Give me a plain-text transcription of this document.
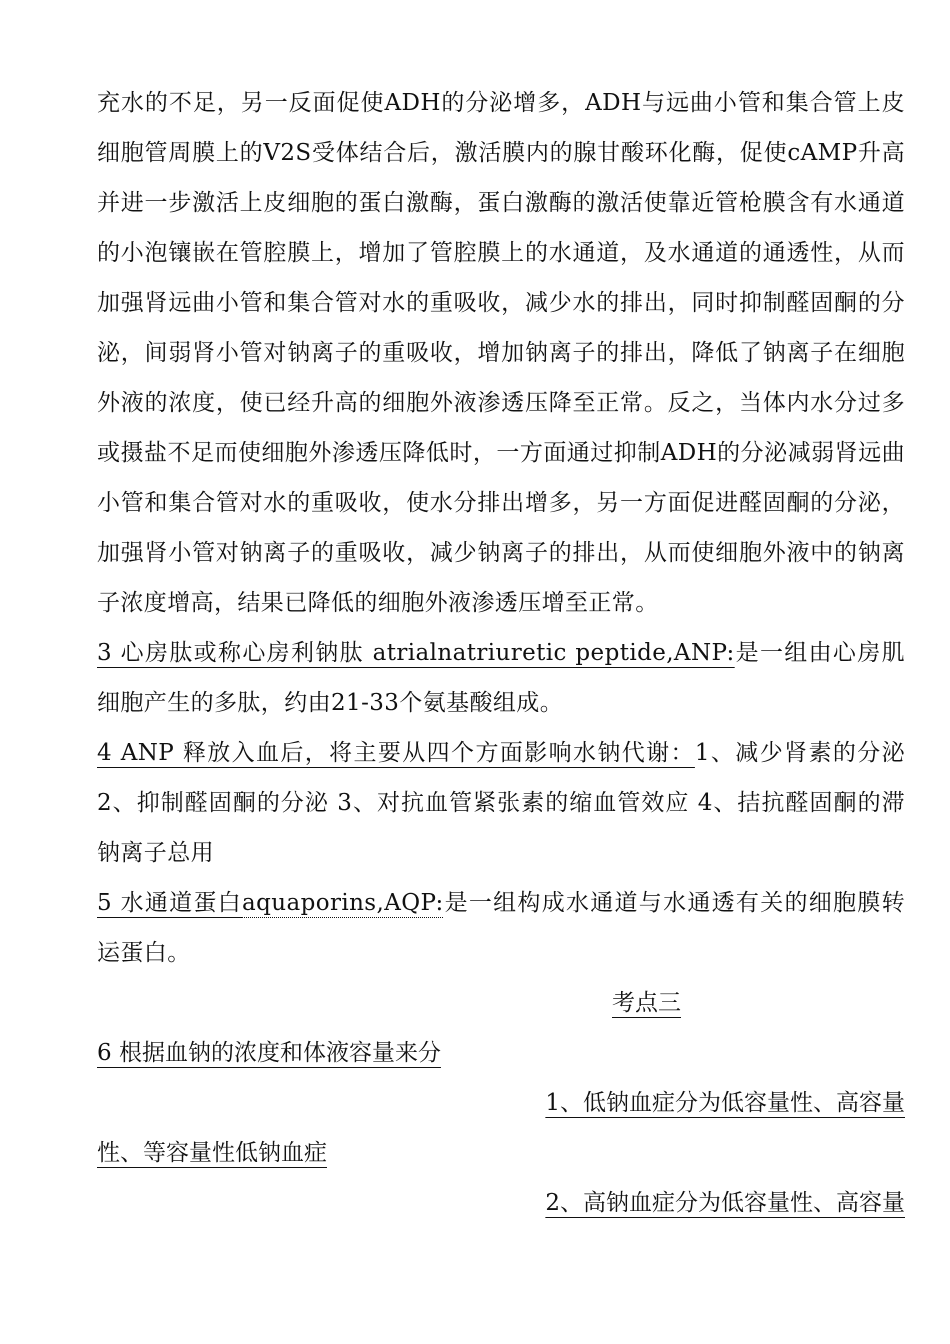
充水的不足，另一反面促使ADH的分泌增多，ADH与远曲小管和集合管上皮细胞管周膜上的V2S受体结合后，激活膜内的腺甘酸环化酶，促使cAMP升高并进一步激活上皮细胞的蛋白激酶，蛋白激酶的激活使靠近管枪膜含有水通道的小泡镶嵌在管腔膜上，增加了管腔膜上的水通道，及水通道的通透性，从而加强肾远曲小管和集合管对水的重吸收，减少水的排出，同时抑制醛固酮的分泌，间弱肾小管对钠离子的重吸收，增加钠离子的排出，降低了钠离子在细胞外液的浓度，使已经升高的细胞外液渗透压降至正常。反之，当体内水分过多或摄盐不足而使细胞外渗透压降低时，一方面通过抑制ADH的分泌减弱肾远曲小管和集合管对水的重吸收，使水分排出增多，另一方面促进醛固酮的分泌，加强肾小管对钠离子的重吸收，减少钠离子的排出，从而使细胞外液中的钠离子浓度增高，结果已降低的细胞外液渗透压增至正常。

3 心房肽或称心房利钠肽 atrialnatriuretic peptide,ANP:是一组由心房肌细胞产生的多肽，约由21-33个氨基酸组成。

4 ANP 释放入血后，将主要从四个方面影响水钠代谢：1、减少肾素的分泌 2、抑制醛固酮的分泌 3、对抗血管紧张素的缩血管效应 4、拮抗醛固酮的滞钠离子总用

5 水通道蛋白aquaporins,AQP:是一组构成水通道与水通透有关的细胞膜转运蛋白。

考点三

6 根据血钠的浓度和体液容量来分

1、低钠血症分为低容量性、高容量

性、等容量性低钠血症

2、高钠血症分为低容量性、高容量
